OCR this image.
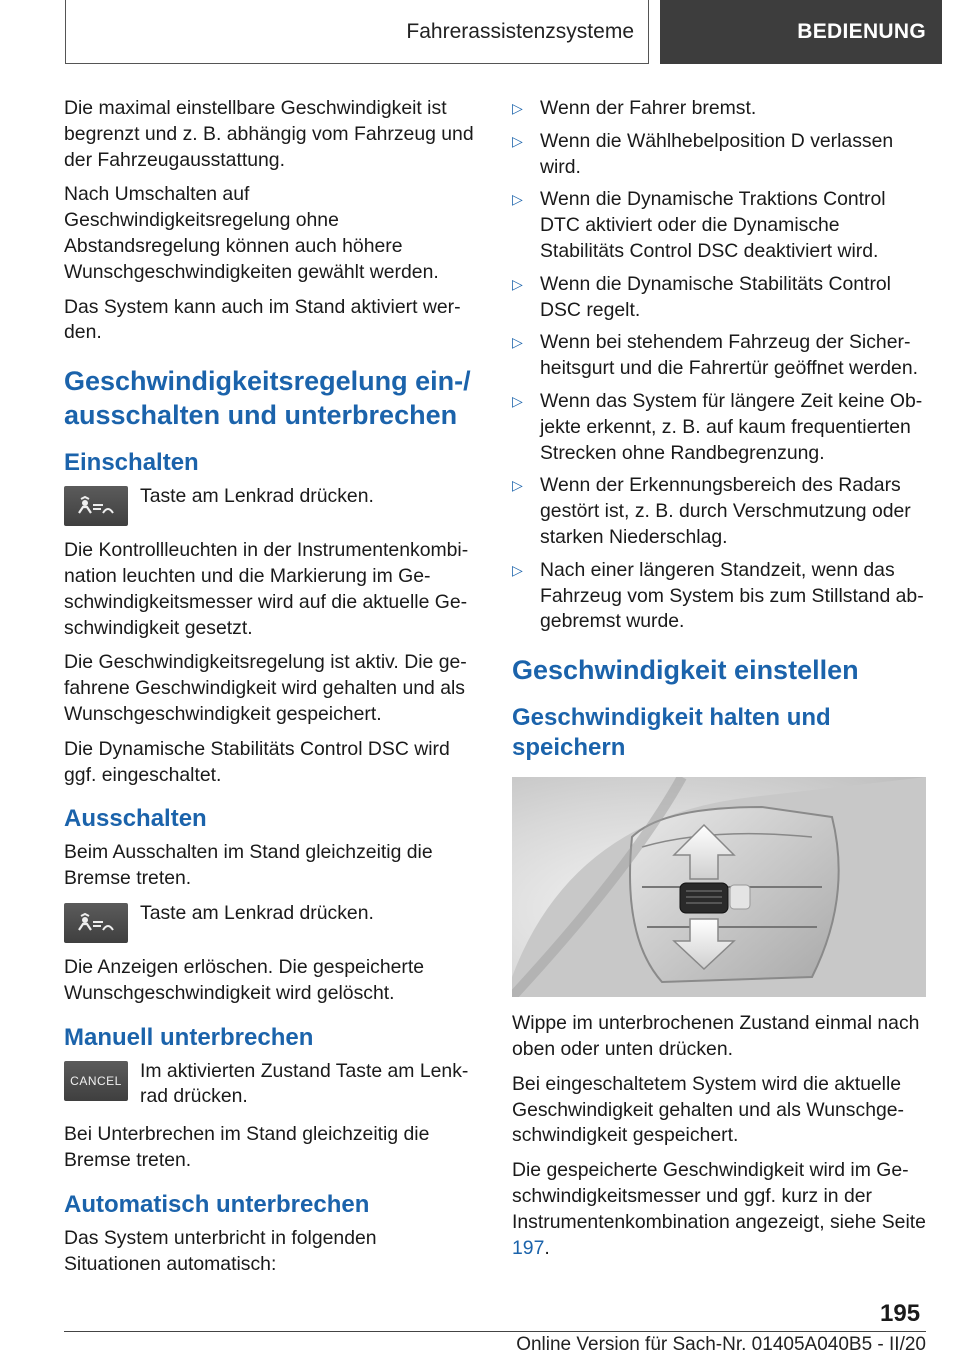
Fahrerassistenzsysteme	BEDIENUNG

Die maximal einstellbare Geschwindigkeit ist begrenzt und z. B. abhängig vom Fahrzeug und der Fahrzeugausstattung.

Nach Umschalten auf Geschwindigkeitsregelung ohne Abstandsregelung können auch höhere Wunschgeschwindigkeiten gewählt werden.

Das System kann auch im Stand aktiviert werden.

Geschwindigkeitsregelung ein-/ ausschalten und unterbrechen
Einschalten

Taste am Lenkrad drücken.

Die Kontrollleuchten in der Instrumentenkombination leuchten und die Markierung im Geschwindigkeitsmesser wird auf die aktuelle Geschwindigkeit gesetzt.

Die Geschwindigkeitsregelung ist aktiv. Die gefahrene Geschwindigkeit wird gehalten und als Wunschgeschwindigkeit gespeichert.

Die Dynamische Stabilitäts Control DSC wird ggf. eingeschaltet.

Ausschalten

Beim Ausschalten im Stand gleichzeitig die Bremse treten.

Taste am Lenkrad drücken.

Die Anzeigen erlöschen. Die gespeicherte Wunschgeschwindigkeit wird gelöscht.

Manuell unterbrechen
CANCEL Im aktivierten Zustand Taste am Lenkrad drücken.

Bei Unterbrechen im Stand gleichzeitig die Bremse treten.

Automatisch unterbrechen

Das System unterbricht in folgenden Situationen automatisch:

▷ Wenn der Fahrer bremst.
▷ Wenn die Wählhebelposition D verlassen wird.
▷ Wenn die Dynamische Traktions Control DTC aktiviert oder die Dynamische Stabilitäts Control DSC deaktiviert wird.
▷ Wenn die Dynamische Stabilitäts Control DSC regelt.
▷ Wenn bei stehendem Fahrzeug der Sicherheitsgurt und die Fahrertür geöffnet werden.
▷ Wenn das System für längere Zeit keine Objekte erkennt, z. B. auf kaum frequentierten Strecken ohne Randbegrenzung.
▷ Wenn der Erkennungsbereich des Radars gestört ist, z. B. durch Verschmutzung oder starken Niederschlag.
▷ Nach einer längeren Standzeit, wenn das Fahrzeug vom System bis zum Stillstand abgebremst wurde.
Geschwindigkeit einstellen
Geschwindigkeit halten und speichern

Wippe im unterbrochenen Zustand einmal nach oben oder unten drücken.

Bei eingeschaltetem System wird die aktuelle Geschwindigkeit gehalten und als Wunschgeschwindigkeit gespeichert.

Die gespeicherte Geschwindigkeit wird im Geschwindigkeitsmesser und ggf. kurz in der Instrumentenkombination angezeigt, siehe Seite 197.

195
Online Version für Sach-Nr. 01405A040B5 - II/20
